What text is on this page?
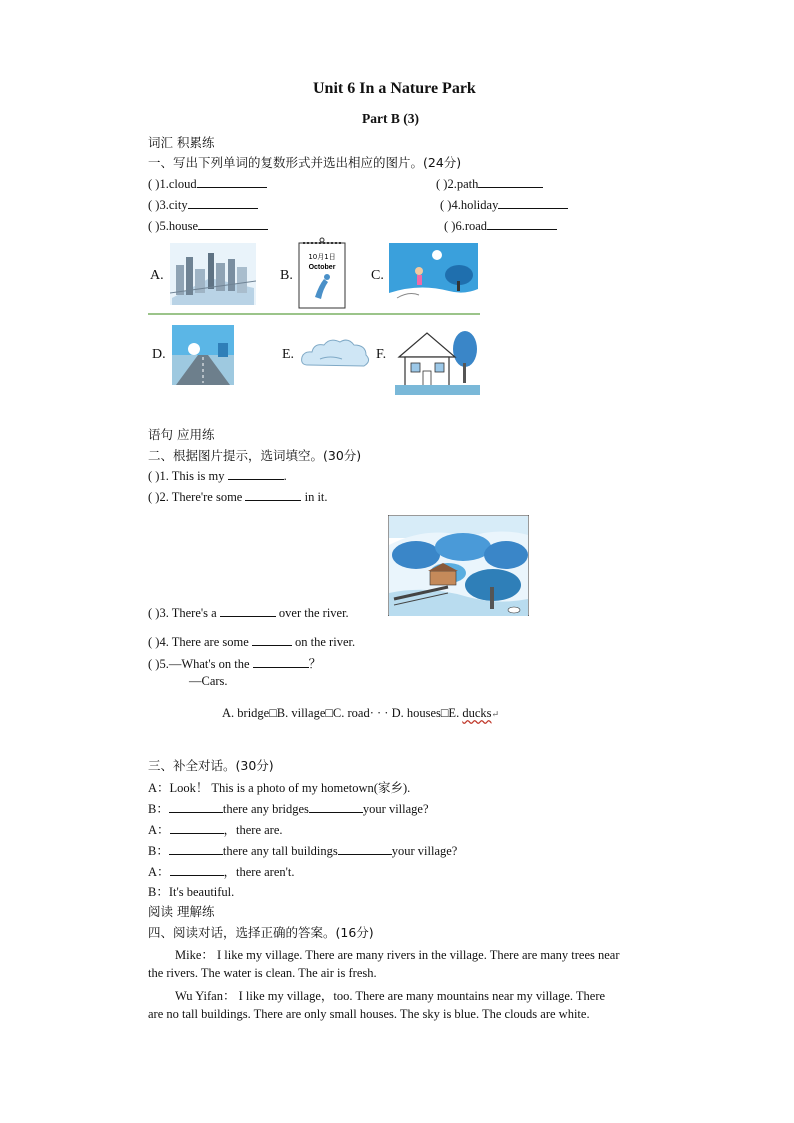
Unit 6 In a Nature Park
Part B (3)
词汇 积累练
一、写出下列单词的复数形式并选出相应的图片。(24分)
( )1.cloud	( )2.path
( )3.city	( )4.holiday
( )5.house	( )6.road
A.	B.
10月1日
October
C.
D.	E.	F.
语句 应用练
二、根据图片提示，选词填空。(30分)
( )1. This is my	.
( )2. There're some	in it.
( )3. There's a	over the river.
( )4. There are some	on the river.
( )5.—What's on the	？
—Cars.
A. bridge□B. village□C. road· · · D. houses□E. ducks↵
三、补全对话。(30分)
A：Look！ This is a photo of my hometown(家乡).
B：	there any bridges	your village?
A：	，there are.
B：	there any tall buildings	your village?
A：	，there aren't.
B：It's beautiful.
阅读 理解练
四、阅读对话，选择正确的答案。(16分)
Mike： I like my village. There are many rivers in the village. There are many trees near
the rivers. The water is clean. The air is fresh.
Wu Yifan： I like my village，too. There are many mountains near my village. There
are no tall buildings. There are only small houses. The sky is blue. The clouds are white.
